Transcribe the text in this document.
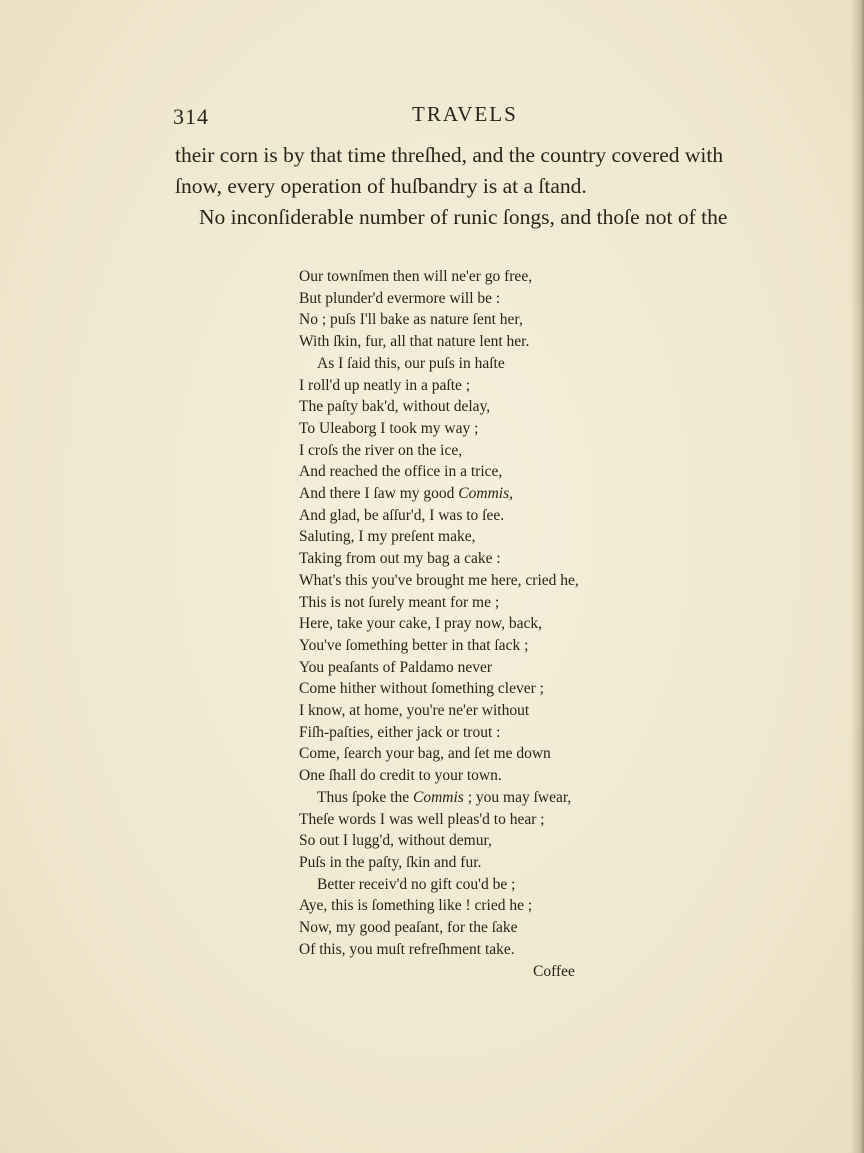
314	TRAVELS
their corn is by that time threſhed, and the country covered with
ſnow, every operation of huſbandry is at a ſtand.
No inconſiderable number of runic ſongs, and thoſe not of the
Our townſmen then will ne'er go free,
But plunder'd evermore will be :
No ; puſs I'll bake as nature ſent her,
With ſkin, fur, all that nature lent her.
As I ſaid this, our puſs in haſte
I roll'd up neatly in a paſte ;
The paſty bak'd, without delay,
To Uleaborg I took my way ;
I croſs the river on the ice,
And reached the office in a trice,
And there I ſaw my good Commis,
And glad, be aſſur'd, I was to ſee.
Saluting, I my preſent make,
Taking from out my bag a cake :
What's this you've brought me here, cried he,
This is not ſurely meant for me ;
Here, take your cake, I pray now, back,
You've ſomething better in that ſack ;
You peaſants of Paldamo never
Come hither without ſomething clever ;
I know, at home, you're ne'er without
Fiſh-paſties, either jack or trout :
Come, ſearch your bag, and ſet me down
One ſhall do credit to your town.
Thus ſpoke the Commis ; you may ſwear,
Theſe words I was well pleas'd to hear ;
So out I lugg'd, without demur,
Puſs in the paſty, ſkin and fur.
Better receiv'd no gift cou'd be ;
Aye, this is ſomething like ! cried he ;
Now, my good peaſant, for the ſake
Of this, you muſt refreſhment take.
Coffee
